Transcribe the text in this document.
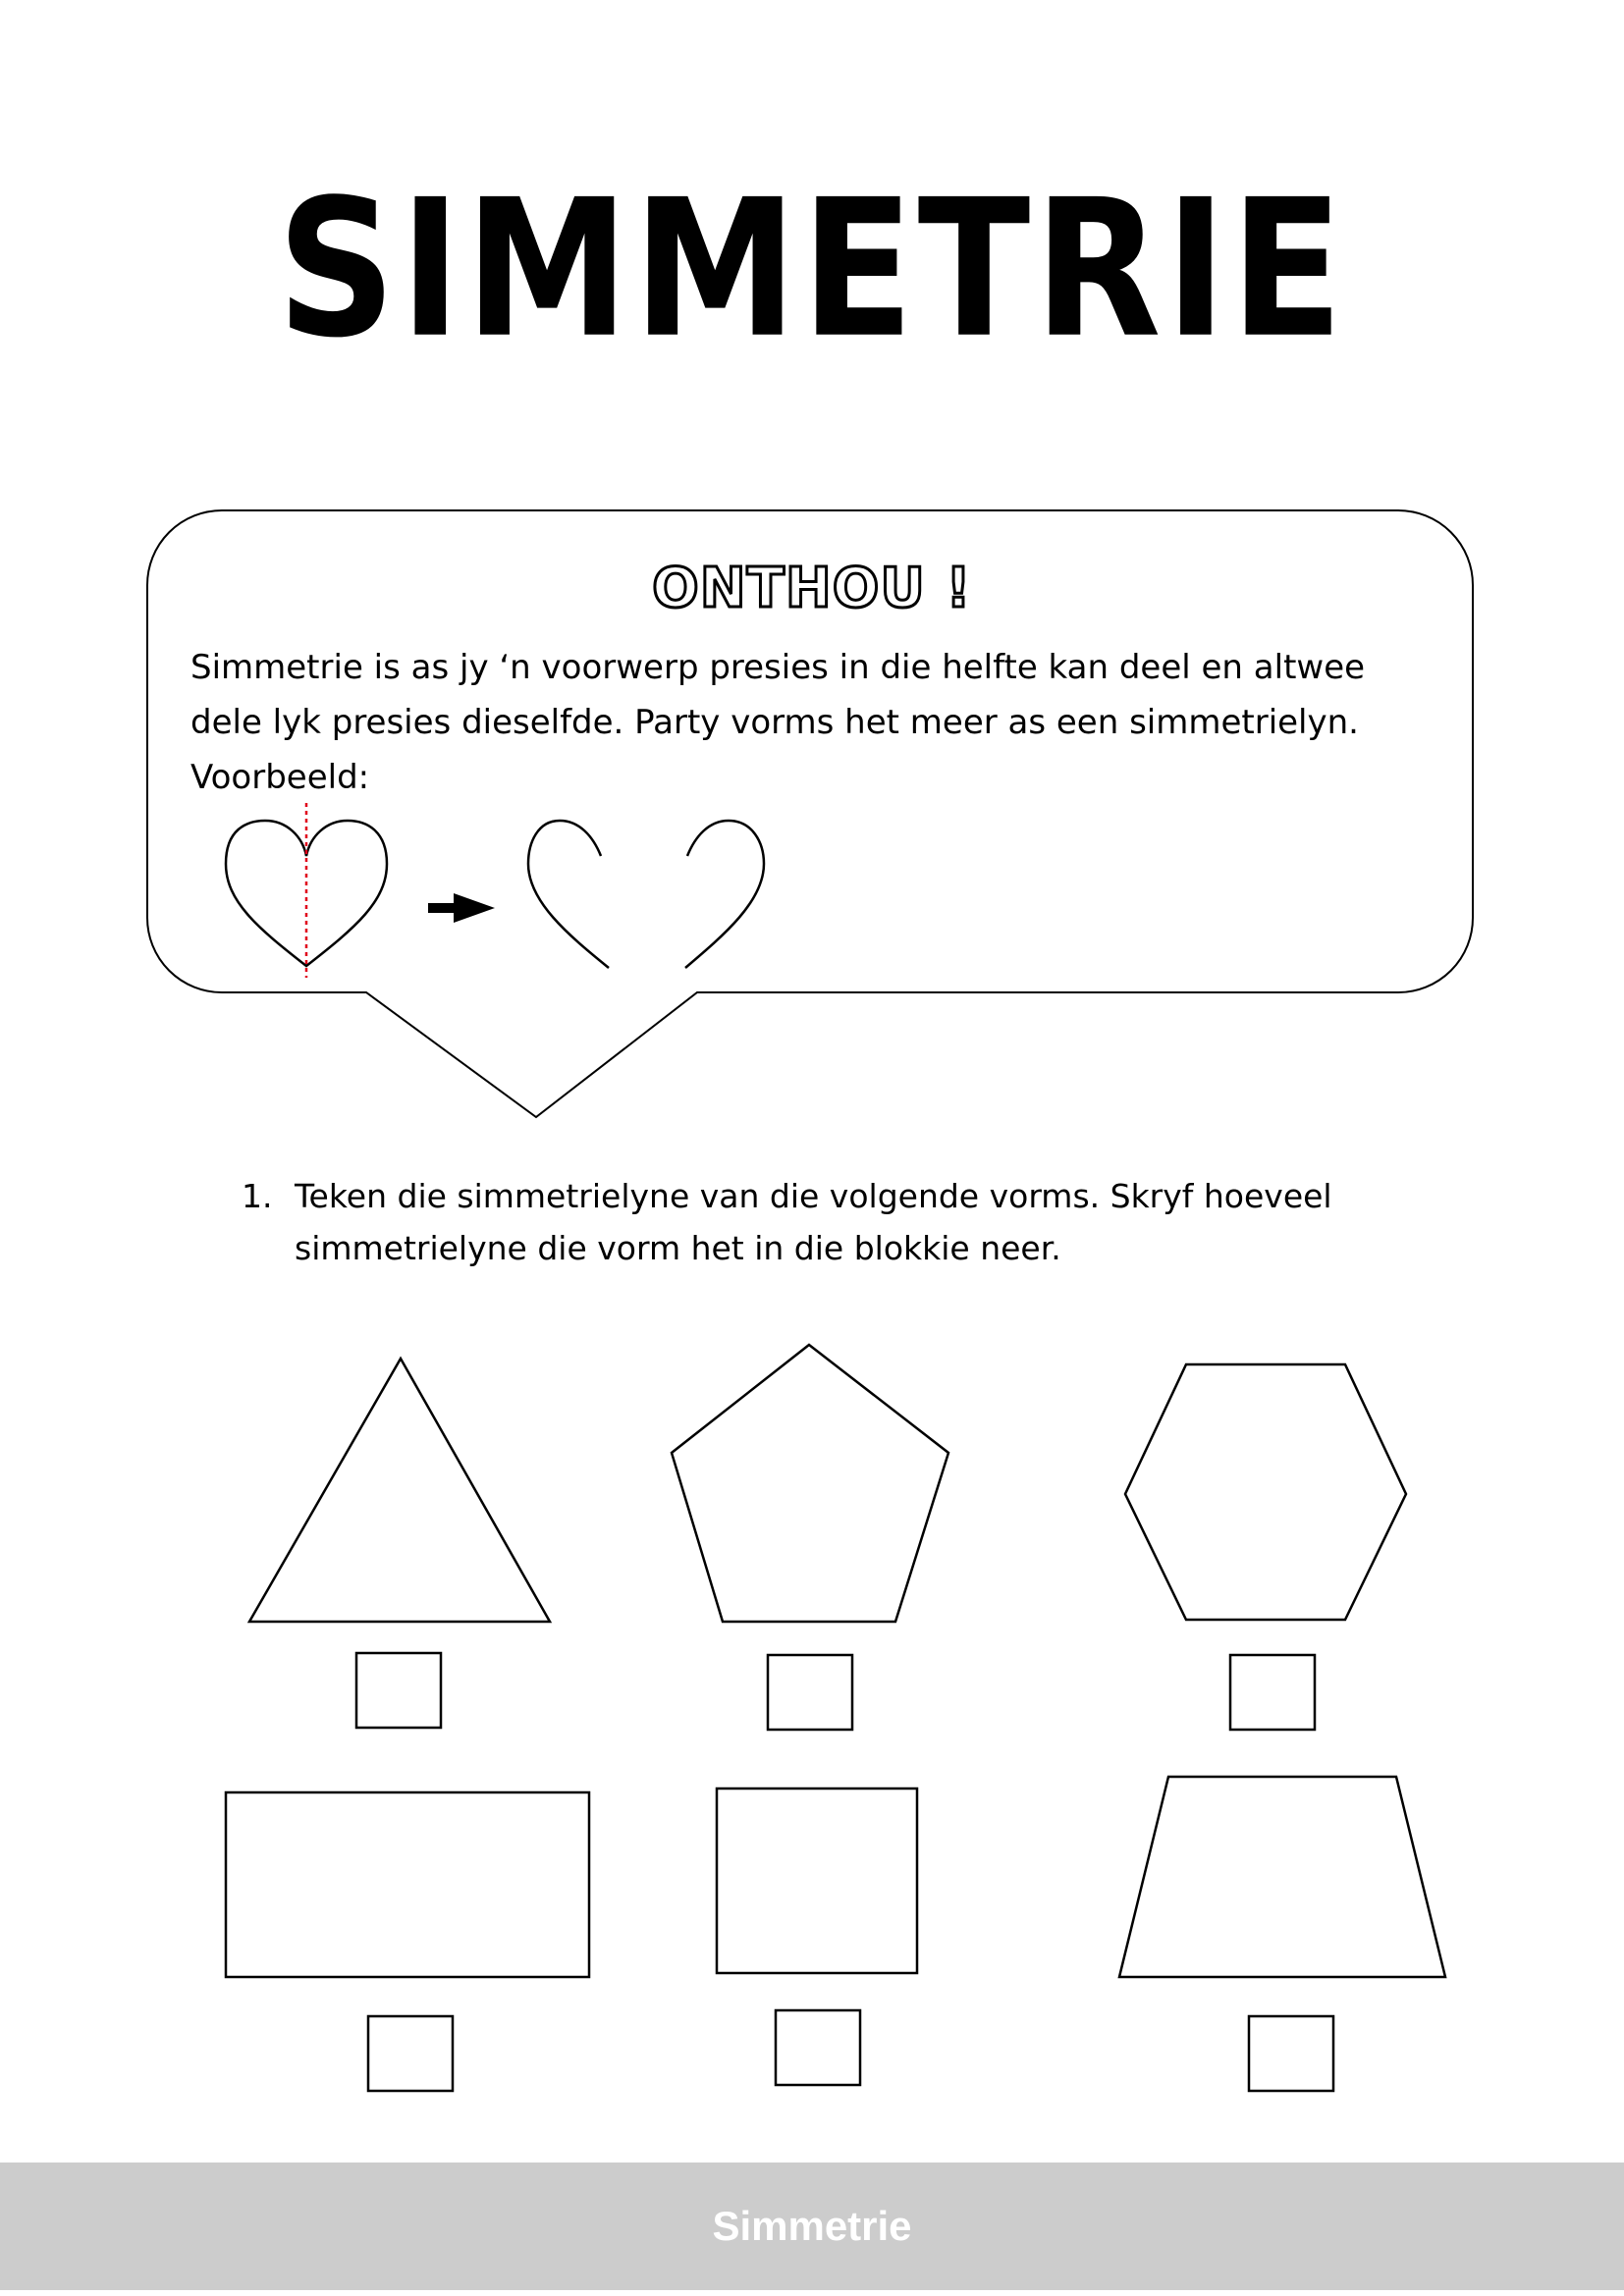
SIMMETRIE
ONTHOU !
Simmetrie is as jy ‘n voorwerp presies in die helfte kan deel en altwee
dele lyk presies dieselfde. Party vorms het meer as een simmetrielyn.
Voorbeeld:
1. Teken die simmetrielyne van die volgende vorms. Skryf hoeveel
simmetrielyne die vorm het in die blokkie neer.
Simmetrie
